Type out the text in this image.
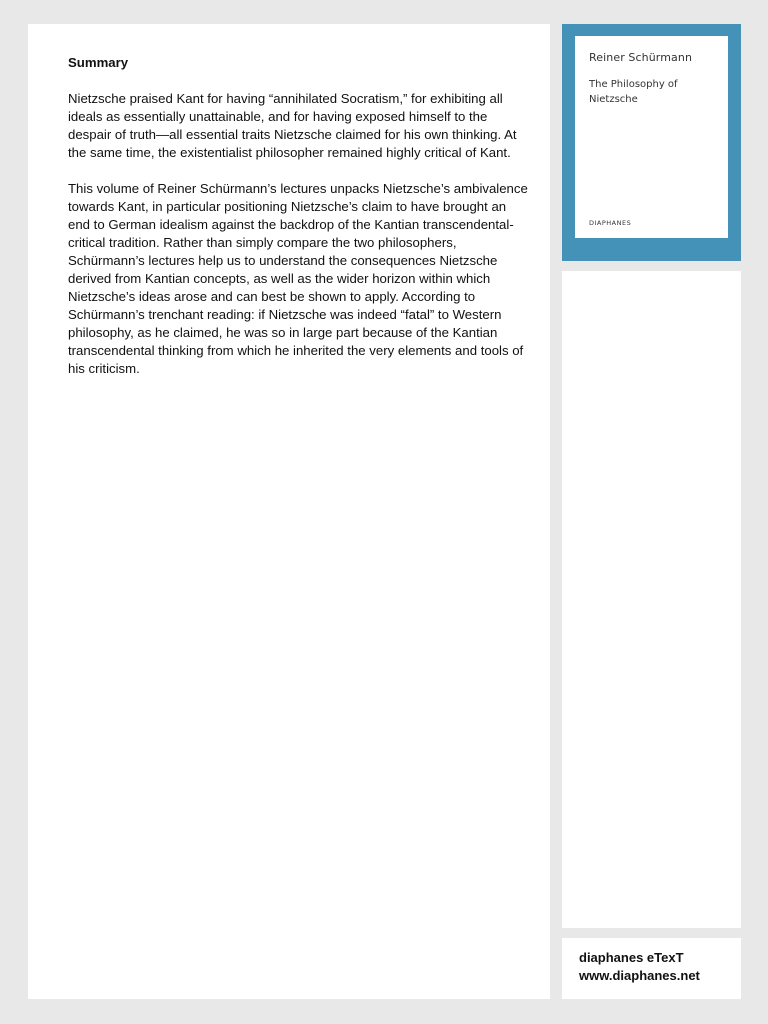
Summary

Nietzsche praised Kant for having “annihilated Socratism,” for exhibiting all ideals as essentially unattainable, and for having exposed himself to the despair of truth—all essential traits Nietzsche claimed for his own thinking. At the same time, the existentialist philosopher remained highly critical of Kant.

This volume of Reiner Schürmann’s lectures unpacks Nietzsche’s ambivalence towards Kant, in particular positioning Nietzsche’s claim to have brought an end to German idealism against the backdrop of the Kantian transcendental-critical tradition. Rather than simply compare the two philosophers, Schürmann’s lectures help us to understand the consequences Nietzsche derived from Kantian concepts, as well as the wider horizon within which Nietzsche’s ideas arose and can best be shown to apply. According to Schürmann’s trenchant reading: if Nietzsche was indeed “fatal” to Western philosophy, as he claimed, he was so in large part because of the Kantian transcendental thinking from which he inherited the very elements and tools of his criticism.

Reiner Schürmann
The Philosophy of Nietzsche
DIAPHANES
diaphanes eTexT
www.diaphanes.net
